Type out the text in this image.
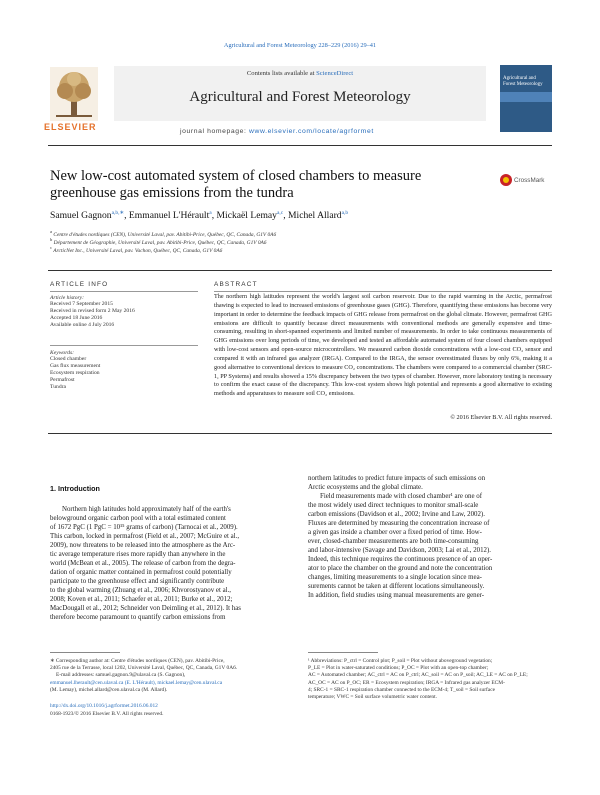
Agricultural and Forest Meteorology 228–229 (2016) 29–41
Contents lists available at ScienceDirect
Agricultural and Forest Meteorology
journal homepage: www.elsevier.com/locate/agrformet
ELSEVIER
Agricultural and Forest Meteorology
New low-cost automated system of closed chambers to measure
greenhouse gas emissions from the tundra
CrossMark
Samuel Gagnon$^{a,b,∗}$, Emmanuel L'Hérault$^a$, Mickaël Lemay$^{a,c}$, Michel Allard$^{a,b}$
$^a$ Centre d'études nordiques (CEN), Université Laval, pav. Abitibi-Price, Québec, QC, Canada, G1V 0A6
$^b$ Département de Géographie, Université Laval, pav. Abitibi-Price, Québec, QC, Canada, G1V 0A6
$^c$ ArcticNet Inc., Université Laval, pav. Vachon, Québec, QC, Canada, G1V 0A6
ARTICLE INFO
Article history:
Received 7 September 2015
Received in revised form 2 May 2016
Accepted 18 June 2016
Available online 4 July 2016
Keywords:
Closed chamber
Gas flux measurement
Ecosystem respiration
Permafrost
Tundra
ABSTRACT
The northern high latitudes represent the world's largest soil carbon reservoir. Due to the rapid warming in the Arctic, permafrost thawing is expected to lead to increased emissions of greenhouse gases (GHG). Therefore, quantifying these emissions has become very important in order to determine the feedback impacts of GHG release from permafrost on the global climate. However, permafrost GHG emissions are difficult to quantify because direct measurements with conventional methods are generally expensive and time-consuming, resulting in short-spanned experiments and limited number of measurements. In order to take continuous measurements of GHG emissions over long periods of time, we developed and tested an affordable automated system of four closed chambers equipped with low-cost sensors and open-source microcontrollers. We measured carbon dioxide concentrations with a low-cost CO₂ sensor and compared it with an infrared gas analyzer (IRGA). Compared to the IRGA, the sensor overestimated fluxes by only 6%, making it a good alternative to conventional devices to measure CO₂ concentrations. The chambers were compared to a commercial chamber (SRC-1, PP Systems) and results showed a 15% discrepancy between the two types of chamber. However, more laboratory testing is necessary to confirm the exact cause of the discrepancy. This low-cost system shows high potential and represents a good alternative to existing methods and apparatuses to measure soil CO₂ emissions.
© 2016 Elsevier B.V. All rights reserved.
1. Introduction
Northern high latitudes hold approximately half of the earth's
belowground organic carbon pool with a total estimated content
of 1672 PgC (1 PgC = 10¹⁵ grams of carbon) (Tarnocai et al., 2009).
This carbon, locked in permafrost (Field et al., 2007; McGuire et al.,
2009), now threatens to be released into the atmosphere as the Arc-
tic average temperature rises more rapidly than anywhere in the
world (McBean et al., 2005). The release of carbon from the degra-
dation of organic matter contained in permafrost could potentially
participate to the greenhouse effect and significantly contribute
to the global warming (Zhuang et al., 2006; Khvorostyanov et al.,
2008; Koven et al., 2011; Schaefer et al., 2011; Burke et al., 2012;
MacDougall et al., 2012; Schneider von Deimling et al., 2012). It has
therefore become paramount to quantify carbon emissions from
northern latitudes to predict future impacts of such emissions on
Arctic ecosystems and the global climate.
Field measurements made with closed chamber¹ are one of
the most widely used direct techniques to monitor small-scale
carbon emissions (Davidson et al., 2002; Irvine and Law, 2002).
Fluxes are determined by measuring the concentration increase of
a given gas inside a chamber over a fixed period of time. How-
ever, closed-chamber measurements are both time-consuming
and labor-intensive (Savage and Davidson, 2003; Lai et al., 2012).
Indeed, this technique requires the continuous presence of an oper-
ator to place the chamber on the ground and note the concentration
changes, limiting measurements to a single location since mea-
surements cannot be taken at different locations simultaneously.
In addition, field studies using manual measurements are gener-
∗ Corresponding author at: Centre d'études nordiques (CEN), pav. Abitibi-Price,
2405 rue de la Terrasse, local 1202, Université Laval, Québec, QC, Canada, G1V 0A6.
E-mail addresses: samuel.gagnon.9@ulaval.ca (S. Gagnon),
emmanuel.lherault@cen.ulaval.ca (E. L'Hérault), mickael.lemay@cen.ulaval.ca
(M. Lemay), michel.allard@cen.ulaval.ca (M. Allard).
¹ Abbreviations: P_ctrl = Control plot; P_soil = Plot without aboveground vegetation;
P_LE = Plot in water-saturated conditions; P_OC = Plot with an open-top chamber;
AC = Automated chamber; AC_ctrl = AC on P_ctrl; AC_soil = AC on P_soil; AC_LE = AC on P_LE;
AC_OC = AC on P_OC; ER = Ecosystem respiration; IRGA = Infrared gas analyzer ECM-
4; SRC-1 = SRC-1 respiration chamber connected to the ECM-4; T_soil = Soil surface
temperature; VWC = Soil surface volumetric water content.
http://dx.doi.org/10.1016/j.agrformet.2016.06.012
0168-1923/© 2016 Elsevier B.V. All rights reserved.
